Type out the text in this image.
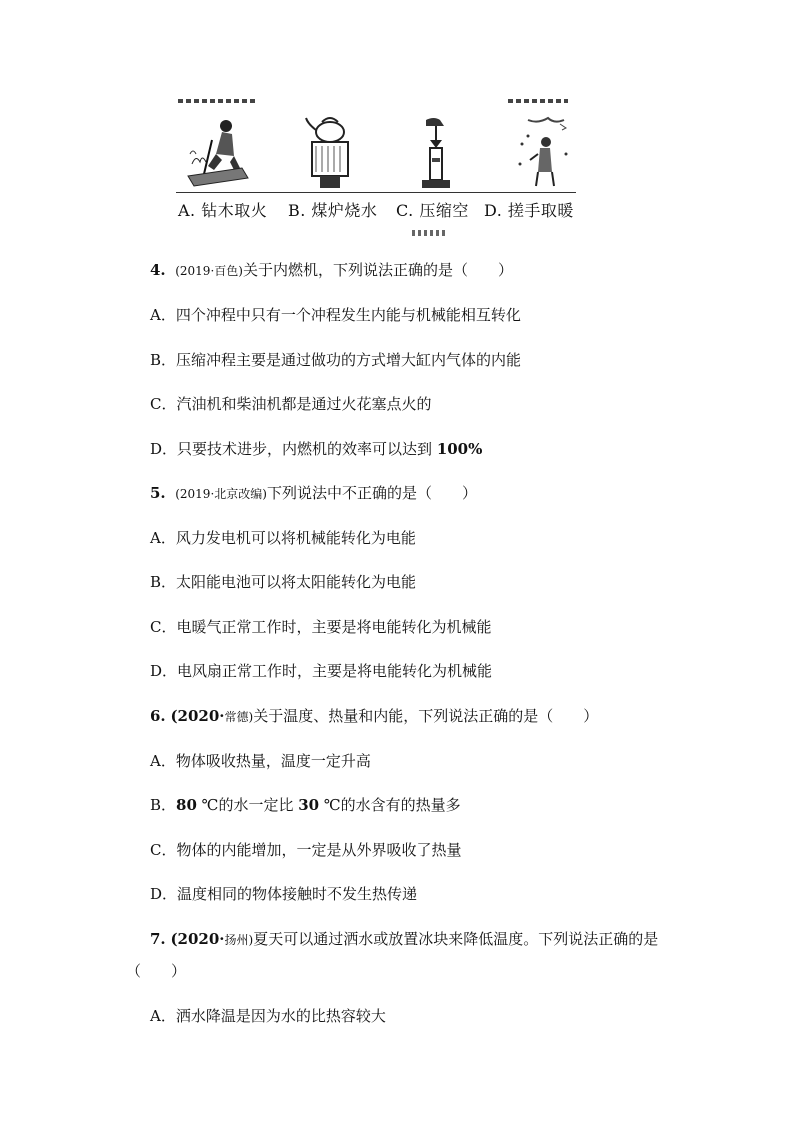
A. 钻木取火 B. 煤炉烧水 C. 压缩空 D. 搓手取暖
4. (2019·百色)关于内燃机，下列说法正确的是（　　）
A．四个冲程中只有一个冲程发生内能与机械能相互转化
B．压缩冲程主要是通过做功的方式增大缸内气体的内能
C．汽油机和柴油机都是通过火花塞点火的
D．只要技术进步，内燃机的效率可以达到 100%
5. (2019·北京改编)下列说法中不正确的是（　　）
A．风力发电机可以将机械能转化为电能
B．太阳能电池可以将太阳能转化为电能
C．电暖气正常工作时，主要是将电能转化为机械能
D．电风扇正常工作时，主要是将电能转化为机械能
6. (2020·常德)关于温度、热量和内能，下列说法正确的是（　　）
A．物体吸收热量，温度一定升高
B．80 ℃的水一定比 30 ℃的水含有的热量多
C．物体的内能增加，一定是从外界吸收了热量
D．温度相同的物体接触时不发生热传递
7. (2020·扬州)夏天可以通过洒水或放置冰块来降低温度。下列说法正确的是
（　　）
A．洒水降温是因为水的比热容较大
